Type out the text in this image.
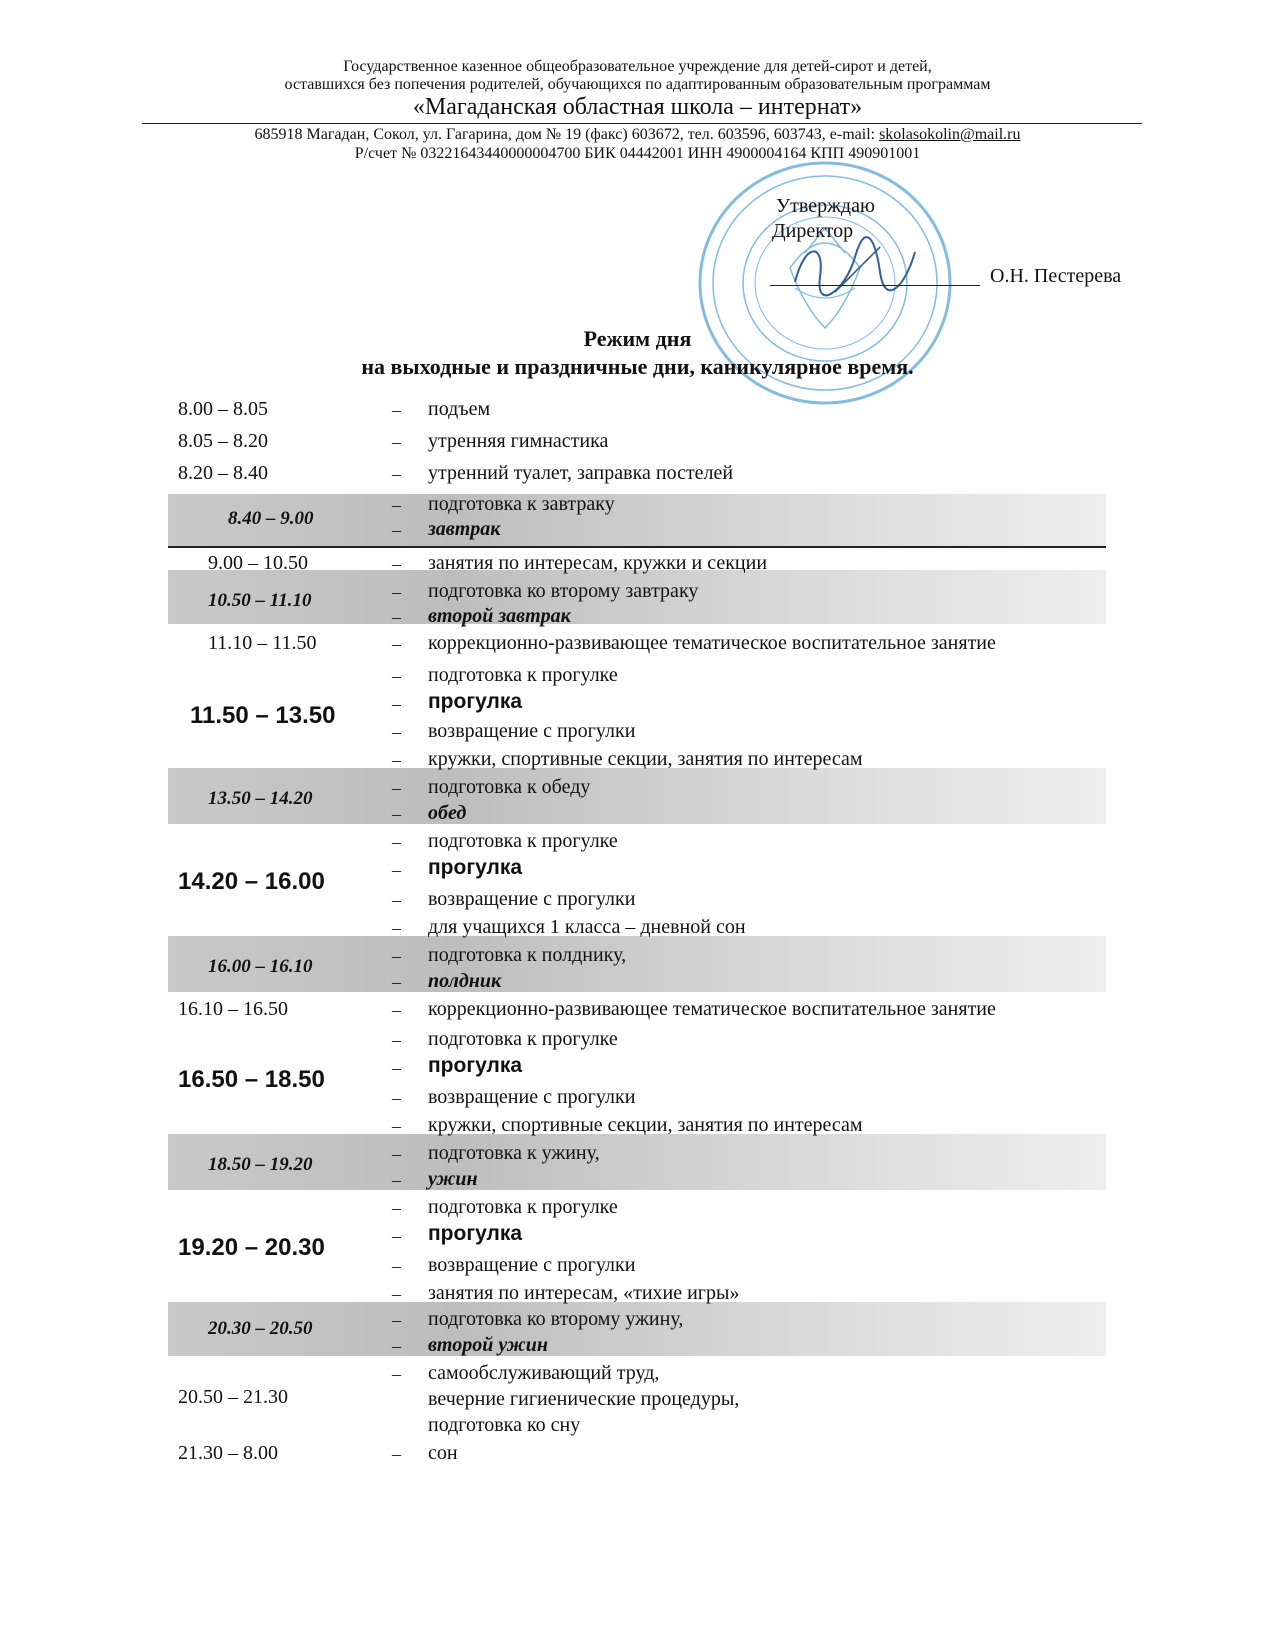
Государственное казенное общеобразовательное учреждение для детей-сирот и детей,
оставшихся без попечения родителей, обучающихся по адаптированным образовательным программам
«Магаданская областная школа – интернат»
685918 Магадан, Сокол, ул. Гагарина, дом № 19 (факс) 603672, тел. 603596, 603743, e-mail: skolasokolin@mail.ru
Р/счет № 03221643440000004700 БИК 04442001 ИНН 4900004164 КПП 490901001
Утверждаю
Директор
О.Н. Пестерева
Режим дня
на выходные и праздничные дни, каникулярное время.
8.00 – 8.05	– подъем
8.05 – 8.20	– утренняя гимнастика
8.20 – 8.40	– утренний туалет, заправка постелей
8.40 – 9.00
– подготовка к завтраку
– завтрак
9.00 – 10.50	– занятия по интересам, кружки и секции
10.50 – 11.10	– подготовка ко второму завтраку
– второй завтрак
11.10 – 11.50	– коррекционно-развивающее тематическое воспитательное занятие
11.50 – 13.50
– подготовка к прогулке
– прогулка
– возвращение с прогулки
– кружки, спортивные секции, занятия по интересам
13.50 – 14.20	– подготовка к обеду
– обед
14.20 – 16.00
– подготовка к прогулке
– прогулка
– возвращение с прогулки
– для учащихся 1 класса – дневной сон
16.00 – 16.10	– подготовка к полднику,
– полдник
16.10 – 16.50	– коррекционно-развивающее тематическое воспитательное занятие
16.50 – 18.50
– подготовка к прогулке
– прогулка
– возвращение с прогулки
– кружки, спортивные секции, занятия по интересам
18.50 – 19.20	– подготовка к ужину,
– ужин
19.20 – 20.30
– подготовка к прогулке
– прогулка
– возвращение с прогулки
– занятия по интересам, «тихие игры»
20.30 – 20.50	– подготовка ко второму ужину,
– второй ужин
20.50 – 21.30
– самообслуживающий труд,
вечерние гигиенические процедуры,
подготовка ко сну
21.30 – 8.00	– сон
